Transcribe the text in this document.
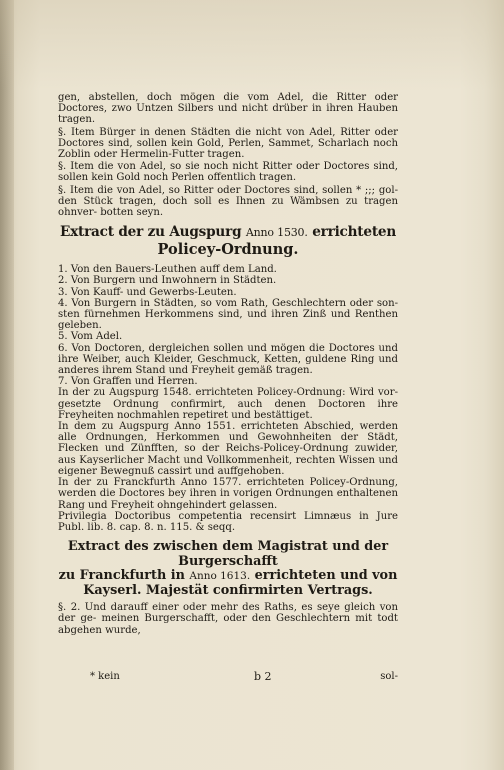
gen, abstellen, doch mögen die vom Adel, die Ritter oder Doctores, zwo Untzen Silbers und nicht drüber in ihren Hauben tragen.

§. Item Bürger in denen Städten die nicht von Adel, Ritter oder Doctores sind, sollen kein Gold, Perlen, Sammet, Scharlach noch Zoblin oder Hermelin-Futter tragen.

§. Item die von Adel, so sie noch nicht Ritter oder Doctores sind, sollen kein Gold noch Perlen offentlich tragen.

§. Item die von Adel, so Ritter oder Doctores sind, sollen * ;;; gol- den Stück tragen, doch soll es Ihnen zu Wämbsen zu tragen ohnver- botten seyn.

Extract der zu Augspurg Anno 1530. errichteten
Policey-Ordnung.

1. Von den Bauers-Leuthen auff dem Land.

2. Von Burgern und Inwohnern in Städten.

3. Von Kauff- und Gewerbs-Leuten.

4. Von Burgern in Städten, so vom Rath, Geschlechtern oder son- sten fürnehmen Herkommens sind, und ihren Zinß und Renthen geleben.

5. Vom Adel.

6. Von Doctoren, dergleichen sollen und mögen die Doctores und ihre Weiber, auch Kleider, Geschmuck, Ketten, guldene Ring und anderes ihrem Stand und Freyheit gemäß tragen.

7. Von Graffen und Herren.

In der zu Augspurg 1548. errichteten Policey-Ordnung: Wird vor- gesetzte Ordnung confirmirt, auch denen Doctoren ihre Freyheiten nochmahlen repetiret und bestättiget.

In dem zu Augspurg Anno 1551. errichteten Abschied, werden alle Ordnungen, Herkommen und Gewohnheiten der Städt, Flecken und Zünfften, so der Reichs-Policey-Ordnung zuwider, aus Kayserlicher Macht und Vollkommenheit, rechten Wissen und eigener Bewegnuß cassirt und auffgehoben.

In der zu Franckfurth Anno 1577. errichteten Policey-Ordnung, werden die Doctores bey ihren in vorigen Ordnungen enthaltenen Rang und Freyheit ohngehindert gelassen.

Privilegia Doctoribus competentia recensirt Limnæus in Jure Publ. lib. 8. cap. 8. n. 115. & seqq.

Extract des zwischen dem Magistrat und der Burgerschafft
zu Franckfurth in Anno 1613. errichteten und von
Kayserl. Majestät confirmirten Vertrags.

§. 2. Und darauff einer oder mehr des Raths, es seye gleich von der ge- meinen Burgerschafft, oder den Geschlechtern mit todt abgehen wurde,

* kein	b 2	sol-
